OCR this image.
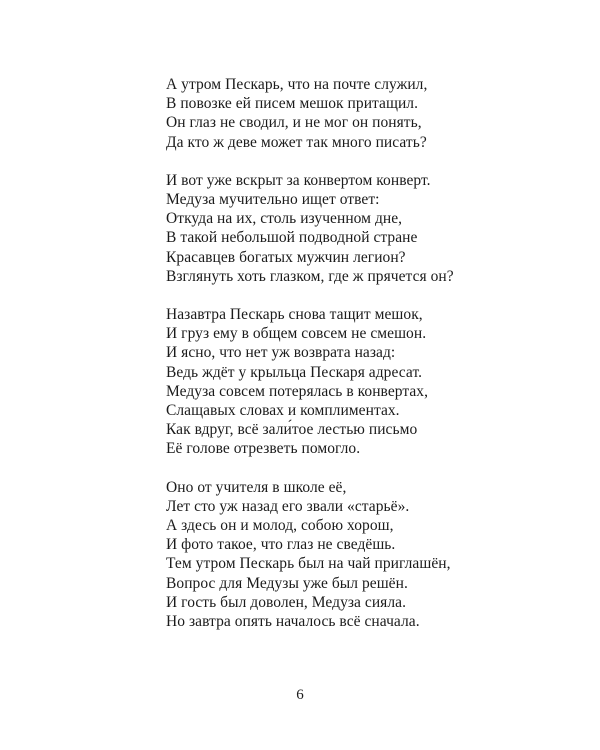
А утром Пескарь, что на почте служил,
В повозке ей писем мешок притащил.
Он глаз не сводил, и не мог он понять,
Да кто ж деве может так много писать?
И вот уже вскрыт за конвертом конверт.
Медуза мучительно ищет ответ:
Откуда на их, столь изученном дне,
В такой небольшой подводной стране
Красавцев богатых мужчин легион?
Взглянуть хоть глазком, где ж прячется он?
Назавтра Пескарь снова тащит мешок,
И груз ему в общем совсем не смешон.
И ясно, что нет уж возврата назад:
Ведь ждёт у крыльца Пескаря адресат.
Медуза совсем потерялась в конвертах,
Слащавых словах и комплиментах.
Как вдруг, всё зали́тое лестью письмо
Её голове отрезветь помогло.
Оно от учителя в школе её,
Лет сто уж назад его звали «старьё».
А здесь он и молод, собою хорош,
И фото такое, что глаз не сведёшь.
Тем утром Пескарь был на чай приглашён,
Вопрос для Медузы уже был решён.
И гость был доволен, Медуза сияла.
Но завтра опять началось всё сначала.
6
